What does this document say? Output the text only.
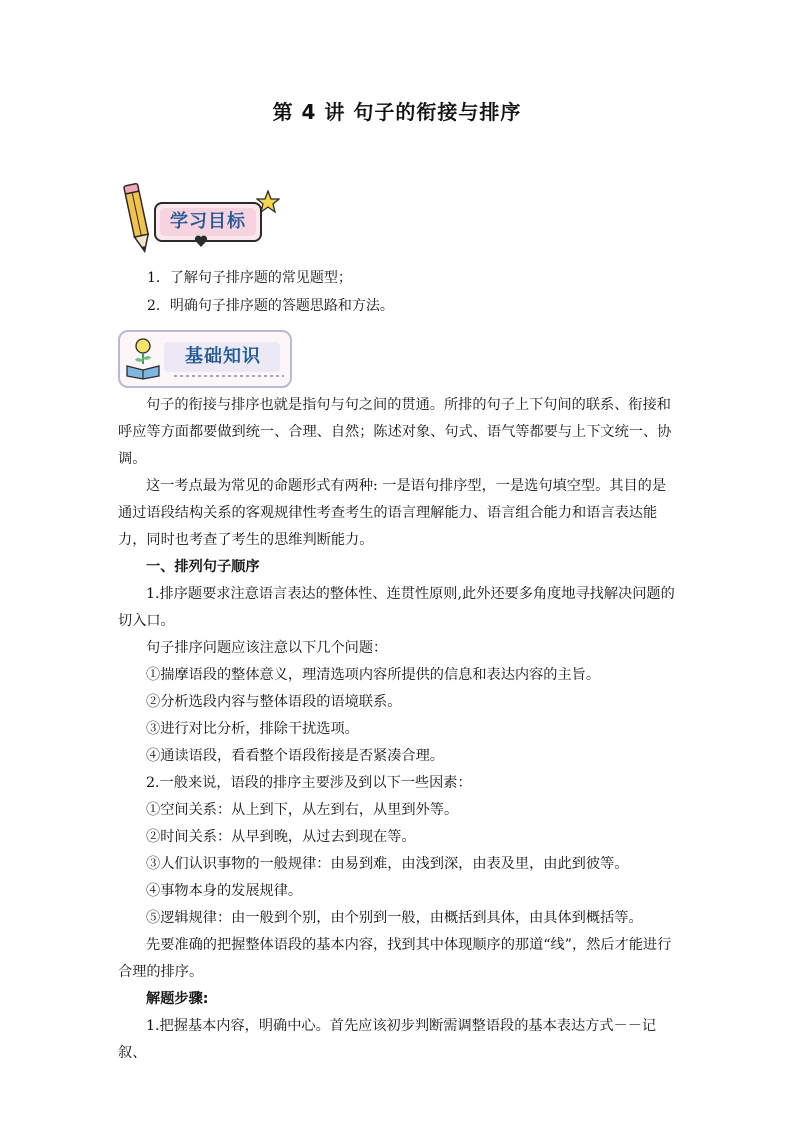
第 4 讲 句子的衔接与排序
学习目标
1．了解句子排序题的常见题型；
2．明确句子排序题的答题思路和方法。
基础知识

句子的衔接与排序也就是指句与句之间的贯通。所排的句子上下句间的联系、衔接和呼应等方面都要做到统一、合理、自然；陈述对象、句式、语气等都要与上下文统一、协调。

这一考点最为常见的命题形式有两种: 一是语句排序型，一是选句填空型。其目的是通过语段结构关系的客观规律性考查考生的语言理解能力、语言组合能力和语言表达能力，同时也考查了考生的思维判断能力。

一、排列句子顺序

1.排序题要求注意语言表达的整体性、连贯性原则,此外还要多角度地寻找解决问题的切入口。

句子排序问题应该注意以下几个问题：

①揣摩语段的整体意义，理清选项内容所提供的信息和表达内容的主旨。

②分析选段内容与整体语段的语境联系。

③进行对比分析，排除干扰选项。

④通读语段，看看整个语段衔接是否紧凑合理。

2.一般来说，语段的排序主要涉及到以下一些因素：

①空间关系：从上到下，从左到右，从里到外等。

②时间关系：从早到晚，从过去到现在等。

③人们认识事物的一般规律：由易到难，由浅到深，由表及里，由此到彼等。

④事物本身的发展规律。

⑤逻辑规律：由一般到个别，由个别到一般，由概括到具体，由具体到概括等。

先要准确的把握整体语段的基本内容，找到其中体现顺序的那道“线”，然后才能进行合理的排序。

解题步骤:

1.把握基本内容，明确中心。首先应该初步判断需调整语段的基本表达方式－－记叙、
